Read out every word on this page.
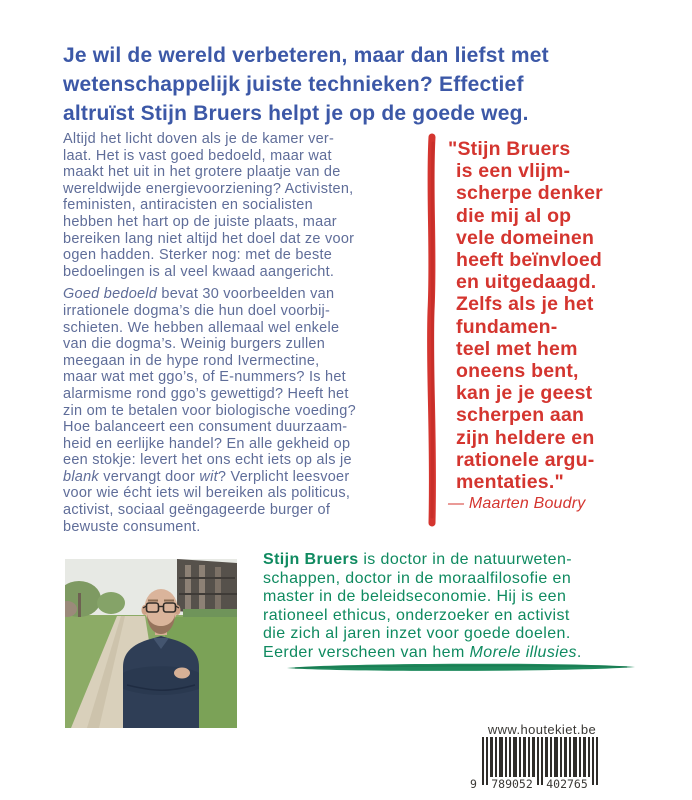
Je wil de wereld verbeteren, maar dan liefst met
wetenschappelijk juiste technieken? Effectief
altruïst Stijn Bruers helpt je op de goede weg.
Altijd het licht doven als je de kamer ver-
laat. Het is vast goed bedoeld, maar wat
maakt het uit in het grotere plaatje van de
wereldwijde energievoorziening? Activisten,
feministen, antiracisten en socialisten
hebben het hart op de juiste plaats, maar
bereiken lang niet altijd het doel dat ze voor
ogen hadden. Sterker nog: met de beste
bedoelingen is al veel kwaad aangericht.
Goed bedoeld bevat 30 voorbeelden van
irrationele dogma’s die hun doel voorbij-
schieten. We hebben allemaal wel enkele
van die dogma’s. Weinig burgers zullen
meegaan in de hype rond Ivermectine,
maar wat met ggo’s, of E-nummers? Is het
alarmisme rond ggo’s gewettigd? Heeft het
zin om te betalen voor biologische voeding?
Hoe balanceert een consument duurzaam-
heid en eerlijke handel? En alle gekheid op
een stokje: levert het ons echt iets op als je
blank vervangt door wit? Verplicht leesvoer
voor wie écht iets wil bereiken als politicus,
activist, sociaal geëngageerde burger of
bewuste consument.
"Stijn Bruers
is een vlijm-
scherpe denker
die mij al op
vele domeinen
heeft beïnvloed
en uitgedaagd.
Zelfs als je het
fundamen-
teel met hem
oneens bent,
kan je je geest
scherpen aan
zijn heldere en
rationele argu-
mentaties."
— Maarten Boudry
Stijn Bruers is doctor in de natuurweten-
schappen, doctor in de moraalfilosofie en
master in de beleidseconomie. Hij is een
rationeel ethicus, onderzoeker en activist
die zich al jaren inzet voor goede doelen.
Eerder verscheen van hem Morele illusies.
www.houtekiet.be
9 789052 402765
